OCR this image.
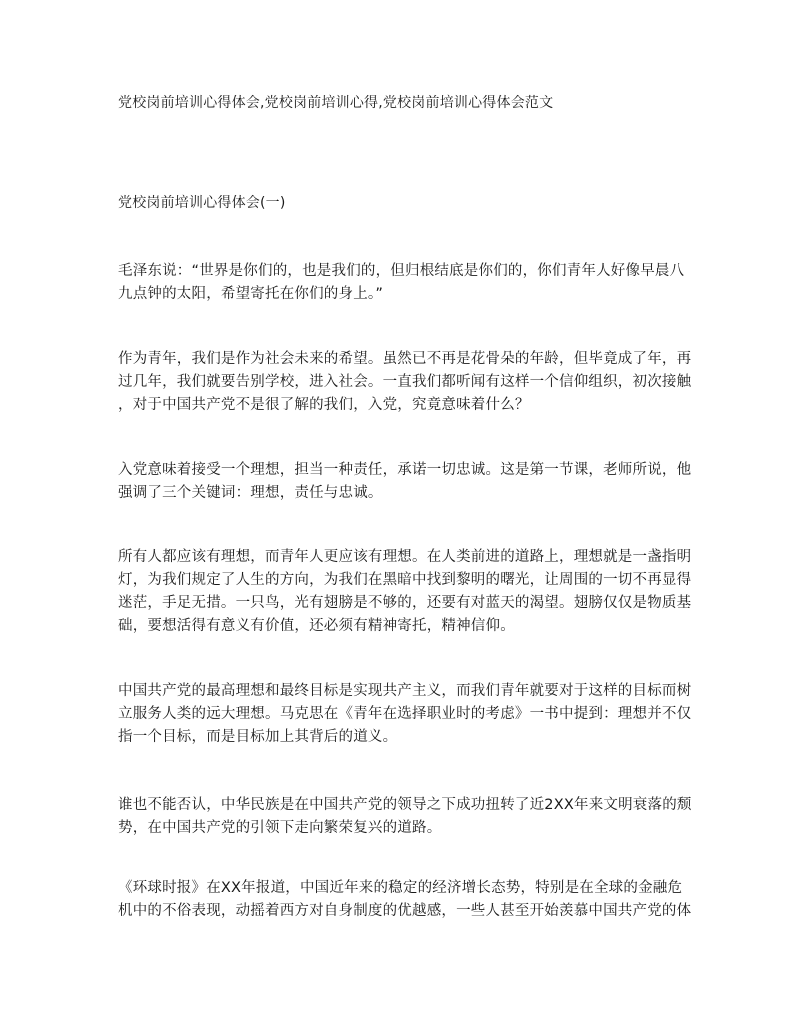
党校岗前培训心得体会,党校岗前培训心得,党校岗前培训心得体会范文

党校岗前培训心得体会(一)

毛泽东说：“世界是你们的，也是我们的，但归根结底是你们的，你们青年人好像早晨八
九点钟的太阳，希望寄托在你们的身上。”

作为青年，我们是作为社会未来的希望。虽然已不再是花骨朵的年龄，但毕竟成了年，再
过几年，我们就要告别学校，进入社会。一直我们都听闻有这样一个信仰组织，初次接触
，对于中国共产党不是很了解的我们，入党，究竟意味着什么？

入党意味着接受一个理想，担当一种责任，承诺一切忠诚。这是第一节课，老师所说，他
强调了三个关键词：理想，责任与忠诚。

所有人都应该有理想，而青年人更应该有理想。在人类前进的道路上，理想就是一盏指明
灯，为我们规定了人生的方向，为我们在黑暗中找到黎明的曙光，让周围的一切不再显得
迷茫，手足无措。一只鸟，光有翅膀是不够的，还要有对蓝天的渴望。翅膀仅仅是物质基
础，要想活得有意义有价值，还必须有精神寄托，精神信仰。

中国共产党的最高理想和最终目标是实现共产主义，而我们青年就要对于这样的目标而树
立服务人类的远大理想。马克思在《青年在选择职业时的考虑》一书中提到：理想并不仅
指一个目标，而是目标加上其背后的道义。

谁也不能否认，中华民族是在中国共产党的领导之下成功扭转了近2XX年来文明衰落的颓
势，在中国共产党的引领下走向繁荣复兴的道路。

《环球时报》在XX年报道，中国近年来的稳定的经济增长态势，特别是在全球的金融危
机中的不俗表现，动摇着西方对自身制度的优越感，一些人甚至开始羡慕中国共产党的体
